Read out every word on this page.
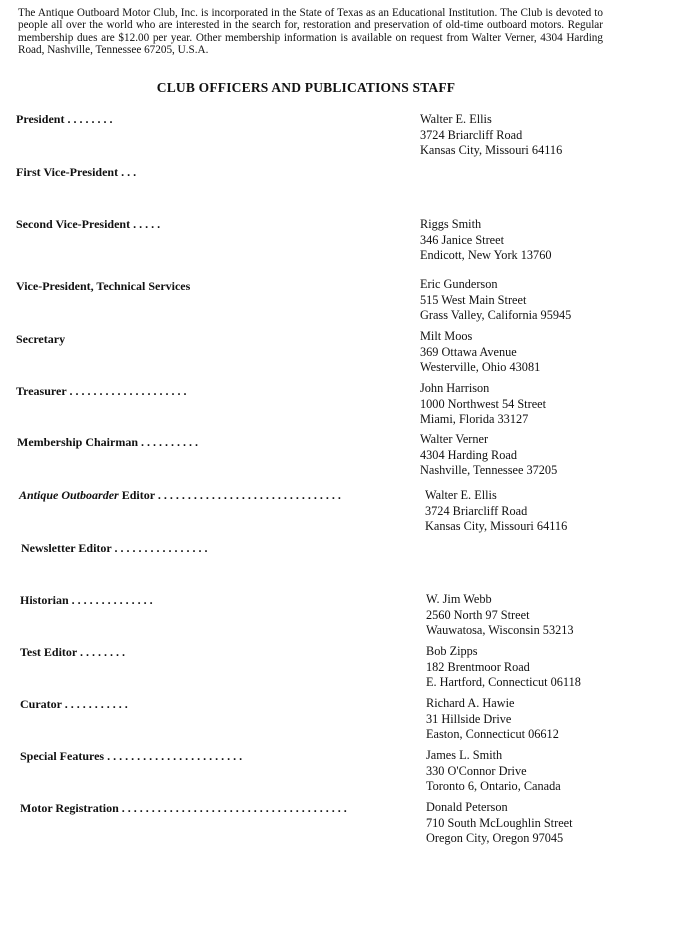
The Antique Outboard Motor Club, Inc. is incorporated in the State of Texas as an Educational Institution. The Club is devoted to people all over the world who are interested in the search for, restoration and preservation of old-time outboard motors. Regular membership dues are $12.00 per year. Other membership information is available on request from Walter Verner, 4304 Harding Road, Nashville, Tennessee 67205, U.S.A.

CLUB OFFICERS AND PUBLICATIONS STAFF
President . . . . . . . .	Walter E. Ellis
3724 Briarcliff Road
Kansas City, Missouri 64116
First Vice-President . . .
Second Vice-President . . . . .	Riggs Smith
346 Janice Street
Endicott, New York 13760
Vice-President, Technical Services	Eric Gunderson
515 West Main Street
Grass Valley, California 95945
Secretary	Milt Moos
369 Ottawa Avenue
Westerville, Ohio 43081
Treasurer . . . . . . . . . . . . . . . . . . . .	John Harrison
1000 Northwest 54 Street
Miami, Florida 33127
Membership Chairman . . . . . . . . . .	Walter Verner
4304 Harding Road
Nashville, Tennessee 37205
Antique Outboarder Editor . . . . . . . . . . . . . . . . . . . . . . . . . . . . . . .	Walter E. Ellis
3724 Briarcliff Road
Kansas City, Missouri 64116
Newsletter Editor . . . . . . . . . . . . . . . .
Historian . . . . . . . . . . . . . .	W. Jim Webb
2560 North 97 Street
Wauwatosa, Wisconsin 53213
Test Editor . . . . . . . .	Bob Zipps
182 Brentmoor Road
E. Hartford, Connecticut 06118
Curator . . . . . . . . . . .	Richard A. Hawie
31 Hillside Drive
Easton, Connecticut 06612
Special Features . . . . . . . . . . . . . . . . . . . . . . .	James L. Smith
330 O'Connor Drive
Toronto 6, Ontario, Canada
Motor Registration . . . . . . . . . . . . . . . . . . . . . . . . . . . . . . . . . . . . . .	Donald Peterson
710 South McLoughlin Street
Oregon City, Oregon 97045
